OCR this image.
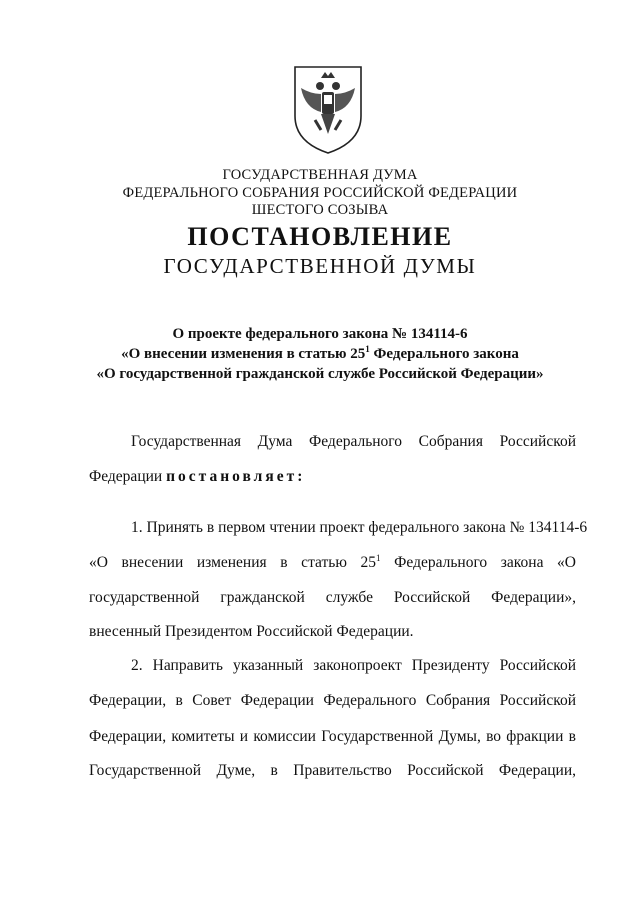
ГОСУДАРСТВЕННАЯ ДУМА
ФЕДЕРАЛЬНОГО СОБРАНИЯ РОССИЙСКОЙ ФЕДЕРАЦИИ
ШЕСТОГО СОЗЫВА
ПОСТАНОВЛЕНИЕ
ГОСУДАРСТВЕННОЙ ДУМЫ
О проекте федерального закона № 134114-6
«О внесении изменения в статью $25^1$ Федерального закона
«О государственной гражданской службе Российской Федерации»
Государственная Дума Федерального Собрания Российской
Федерации постановляет:
1. Принять в первом чтении проект федерального закона № 134114-6
«О внесении изменения в статью $25^1$ Федерального закона «О
государственной гражданской службе Российской Федерации»,
внесенный Президентом Российской Федерации.
2. Направить указанный законопроект Президенту Российской
Федерации, в Совет Федерации Федерального Собрания Российской
Федерации, комитеты и комиссии Государственной Думы, во фракции в
Государственной Думе, в Правительство Российской Федерации,
